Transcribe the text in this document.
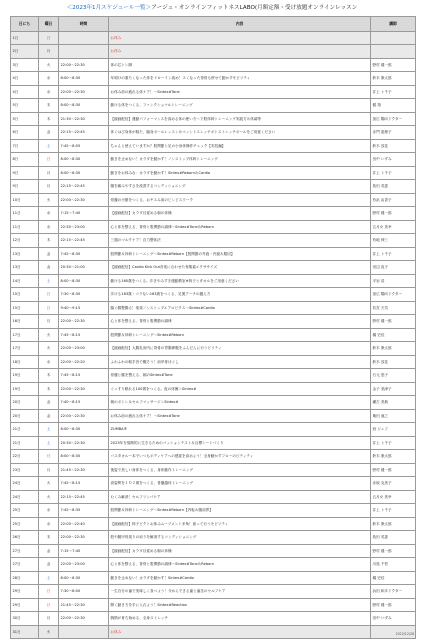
＜2023年1月スケジュール一覧＞アージュ・オンラインフィットネスLABO(月額定額・受け放題オンラインレッスン
日にち	曜日	時間	内容	講師
1日	日		お休み	
2日	月		お休み	
3日	火	22:00〜22:30	体の芯トレ脚	野村 健一郎
4日	水	8:00〜8:30	年明けの重たくなった体をドローイン改め！スくなった背骨も併せて動かすモビリティ	鈴木 康太郎
4日	水	22:00〜22:30	お休み前の疲れる体ケア！〜Sintex#Tone	井上 ト千子
5日	木	8:00〜8:30	動ける体をつくる、ファンクショナルトレーニング	徹 翔
5日	木	21:30〜22:30	【録画配信】運動パフォーマンスを高める体の使い方〜下肢体幹トレーニング実践方＆体調等	加広 陽向ドクター
6日	金	22:15〜22:45	体ぐはび身体が軽た、脇身ボールレッスン＆マッシトスレッチボトストレッチボールをご用意ください	赤門 恵理子
7日	土	7:45〜8:05	ちゃんと使えていますか？股関節と足の小身体操作チェック【実技編】	鈴木 浅花
8日	日	8:00〜8:30	動きを止めない！カラダを動かす！ノンストップ体幹トレーニング	田中 いずみ
9日	月	8:00〜8:30	動きをお休みな：カラダを動かす！Sintex#Reborn＆Cardio	井上 ト千子
9日	月	22:15〜22:45	腰を痛みやすさを改善するコンディショニング	島田 英恵
10日	火	22:00〜22:30	骨盤の小節をつくる、おヤスみ前のピンピスワーク	有浜 由香子
11日	水	7:15〜7:40	【録画配信】カラダ目覚める朝の体操	野村 健一郎
11日	水	22:30〜23:00	心と体を整える、背骨と股関節の調律〜Sintex#Tone＆Reborn	五月女 美幸
12日	木	22:15〜22:45	三週のマルクケア！自力整体法	有地 伸三
13日	金	7:45〜8:30	股関節＆体幹トレーニング〜Sintex#Reborn【股関節の外旋・内旋＆膝回】	井上 ト千子
13日	金	20:30〜21:00	【録画配信】Cardio Kick Out音楽に合わせた有酸素エクササイズ	田辺 直子
14日	土	8:00〜8:30	動ける160歳をつくる。歩きやみすき運動教室※椅子とタオルをご用意ください	平岩 浩
15日	日	7:30〜8:30	歩ける163歳・コラない163歳をつくる、足裏アーチの鍛え方	加広 陽向ドクター
15日	日	9:40〜9:15	脇ぐ腸整腸る！楽楽ノンストップエアロビクス〜Sintex#Cardio	若宮 天気
16日	月	22:00〜22:30	心と体を整える、背骨と股関節の調律	野村 健一郎
17日	火	7:45〜8:15	股関節＆体幹トレーニング〜Sintex#Reborn	橘 史佳
17日	火	22:00〜23:00	【録画配信】大腸乳房内に背骨の胃腸伸腹をふんだんに行うビリティ	鈴木 康太郎
18日	水	22:00〜22:20	ふわふわの軽手首で醒そう！肩甲骨ほぐし	鈴木 浅花
19日	木	7:45〜8:15	骨盤と腰を整える、朝のSintex#Tone	石元 悠子
19日	木	22:00〜22:30	ぐっすり眠れる100歳をつくる。夜の体操＞Sintex#	金子 美津子
20日	金	7:40〜8:15	朝のボトレ＆セルフマッサージ＞Sintex#	瀬古 美典
20日	金	22:00〜22:30	お休み前の疲れる体ケア！〜Sintex#Tone	亀田 亜之
21日	土	8:00〜8:30	ZUMBA®	西 ジェフ
21日	土	20:30〜22:30	2023年を規制的に生きるためのパッションテスト＆目標シートづくり	井上 ト千子
22日	日	8:00〜8:30	バスタオルー本でいつもボディケアへの感覚を高めよう！全身動かすフローのビティティ	鈴木 康太郎
23日	月	21:45〜22:30	後姿で美しい身体をつくる、身体動作トレーニング	野村 健一郎
24日	火	7:45〜8:15	高姿勢を１０２歳をつくる、骨盤越体トレーニング	赤坂 克美子
24日	火	22:15〜22:45	むくみ解消！セルフリンパケア	五月女 美幸
25日	水	7:45〜8:35	股関節＆体幹トレーニング〜Sintex#Reborn【内転＆腰前界】	井上 ト千子
25日	水	22:00〜22:40	【録画配信】椅子ビクトお休みムーブメント多角！座って行うモビリティ	鈴木 康太郎
26日	木	22:00〜22:30	股や腰甲骨周りの肩りを解消するコンディショニング	島田 英恵
27日	金	7:15〜7:40	【録画配信】カラダ目覚める朝の体操	野村 健一郎
27日	金	22:00〜23:00	心と体を整える、背骨と股関節の調律〜Sintex#Tone＆Reborn	川島 千哲
28日	土	8:00〜8:30	動きを止めない！カラダを動かす！Sintex#Cardio	橘 史佳
29日	日	7:30〜8:00	一生自分の歯で美味しく食べよう！今からできる歯と歯茎のセルフケア	浜田 和歩ドクター
29日	日	21:45〜22:30	開く動き方を手に入れよう！Sintex#Reaction	野村 健一郎
30日	月	22:00〜22:30	胸筋が育ち始める、全身ストレッチ	田中 いずみ
31日	火		お休み	
2022/12/28
